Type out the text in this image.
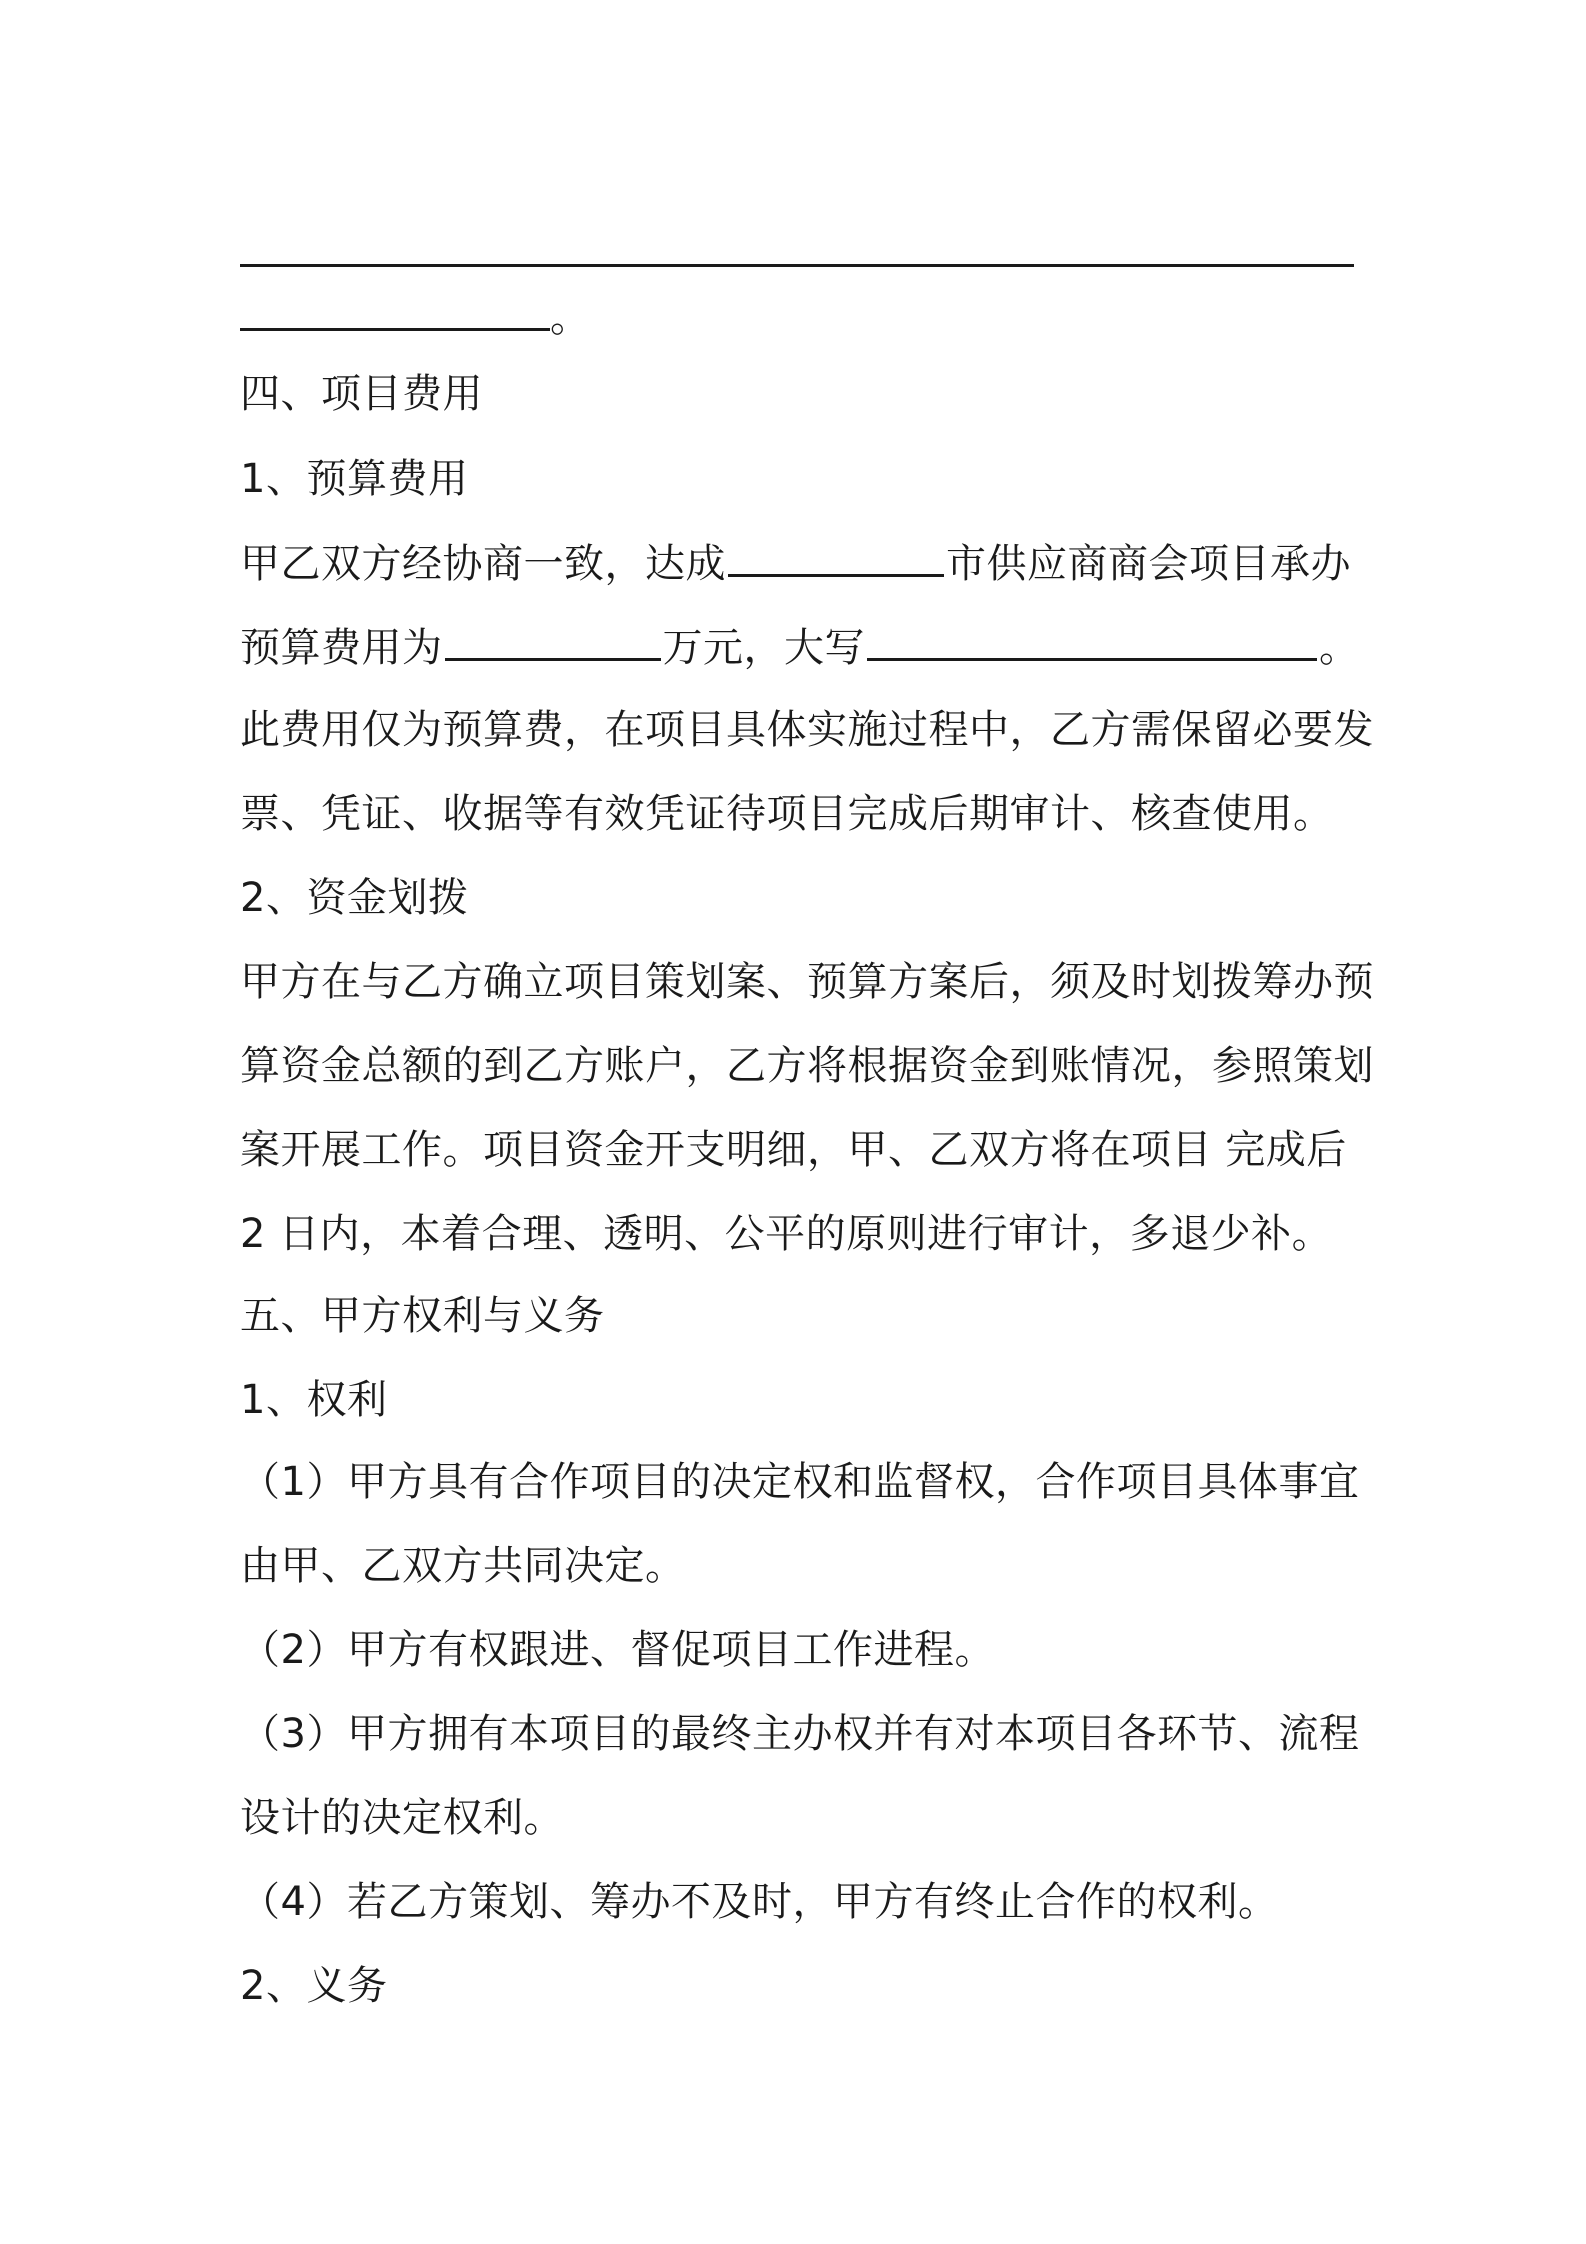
。
四、项目费用
1、预算费用
甲乙双方经协商一致，达成	市供应商商会项目承办
预算费用为	万元，大写	。
此费用仅为预算费，在项目具体实施过程中，乙方需保留必要发
票、凭证、收据等有效凭证待项目完成后期审计、核查使用。
2、资金划拨
甲方在与乙方确立项目策划案、预算方案后，须及时划拨筹办预
算资金总额的到乙方账户，乙方将根据资金到账情况，参照策划
案开展工作。项目资金开支明细，甲、乙双方将在项目 完成后
2 日内，本着合理、透明、公平的原则进行审计，多退少补。
五、甲方权利与义务
1、权利
（1）甲方具有合作项目的决定权和监督权，合作项目具体事宜
由甲、乙双方共同决定。
（2）甲方有权跟进、督促项目工作进程。
（3）甲方拥有本项目的最终主办权并有对本项目各环节、流程
设计的决定权利。
（4）若乙方策划、筹办不及时，甲方有终止合作的权利。
2、义务
